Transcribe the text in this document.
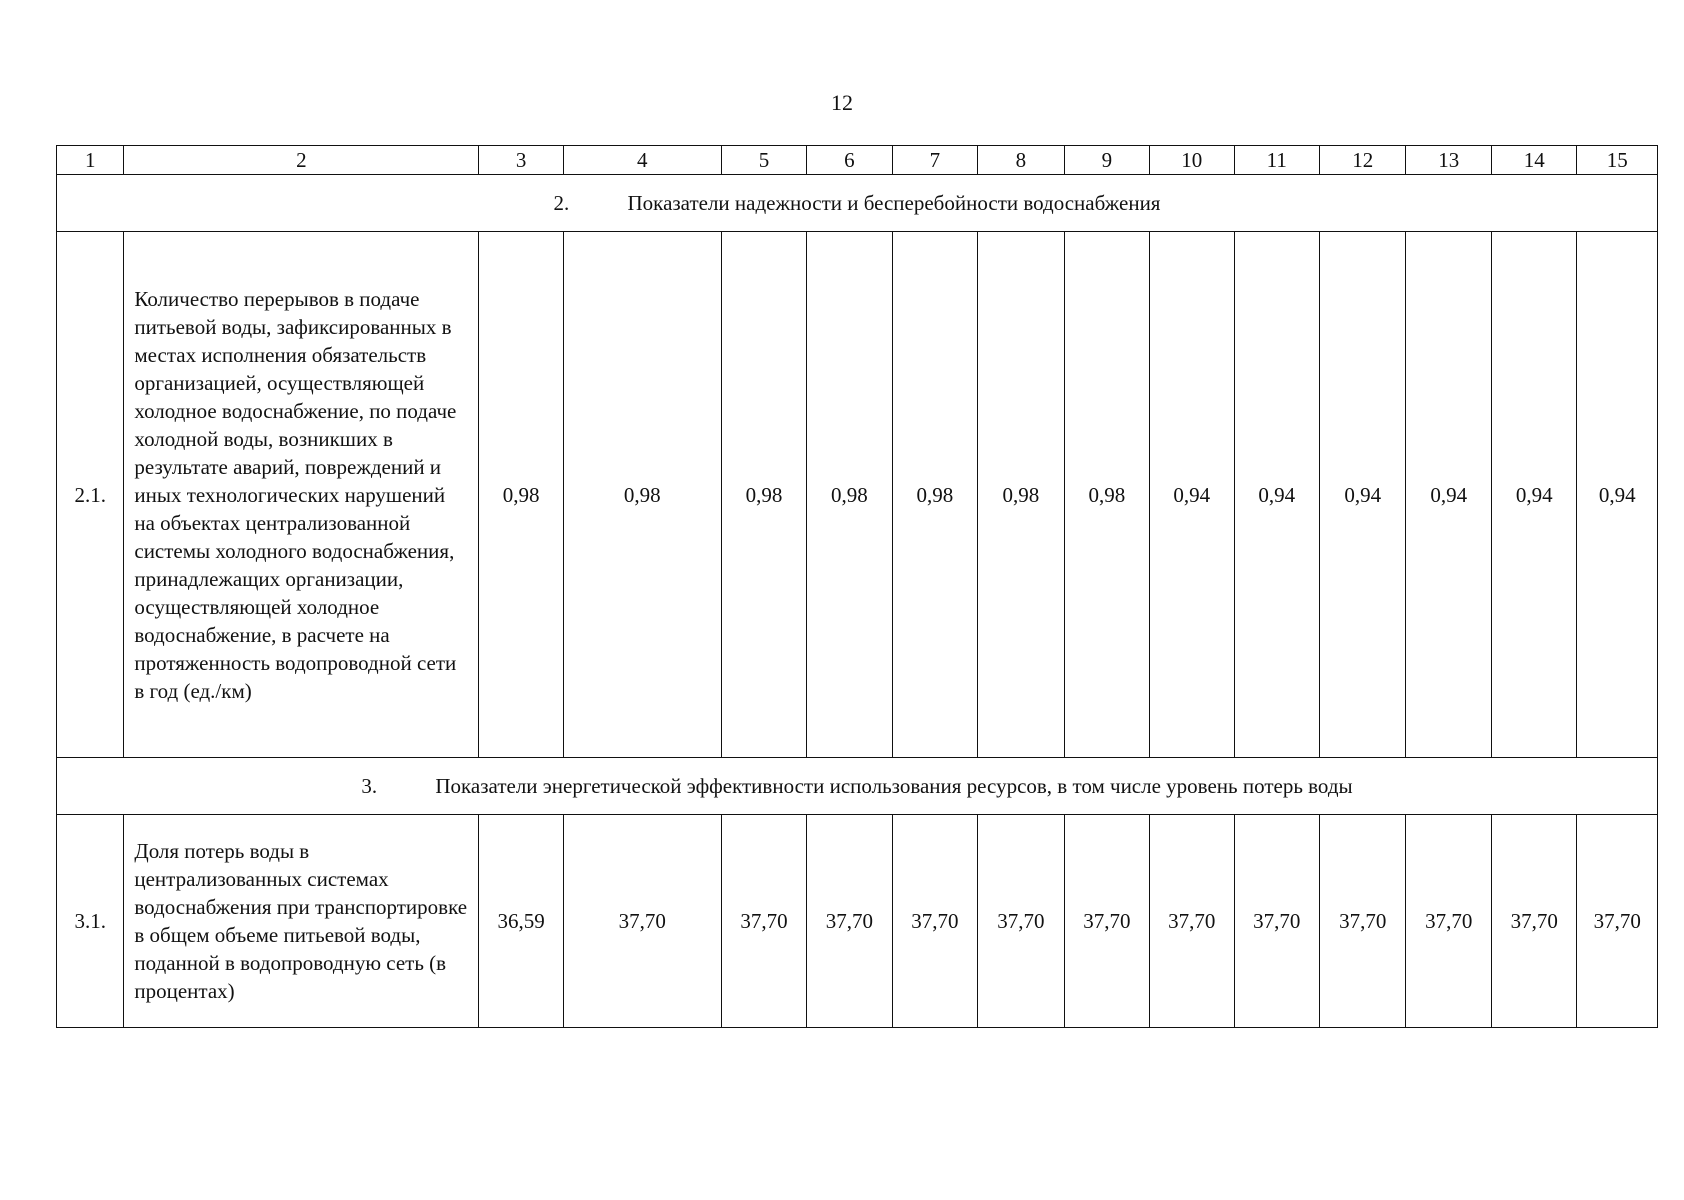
12
1	2	3	4	5	6	7	8	9	10	11	12	13	14	15
2. Показатели надежности и бесперебойности водоснабжения														
2.1.	Количество перерывов в подаче питьевой воды, зафиксированных в местах исполнения обязательств организацией, осуществляющей холодное водоснабжение, по подаче холодной воды, возникших в результате аварий, повреждений и иных технологических нарушений на объектах централизованной системы холодного водоснабжения, принадлежащих организации, осуществляющей холодное водоснабжение, в расчете на протяженность водопроводной сети в год (ед./км)	0,98	0,98	0,98	0,98	0,98	0,98	0,98	0,94	0,94	0,94	0,94	0,94	0,94
3. Показатели энергетической эффективности использования ресурсов, в том числе уровень потерь воды														
3.1.	Доля потерь воды в централизованных системах водоснабжения при транспортировке в общем объеме питьевой воды, поданной в водопроводную сеть (в процентах)	36,59	37,70	37,70	37,70	37,70	37,70	37,70	37,70	37,70	37,70	37,70	37,70	37,70
